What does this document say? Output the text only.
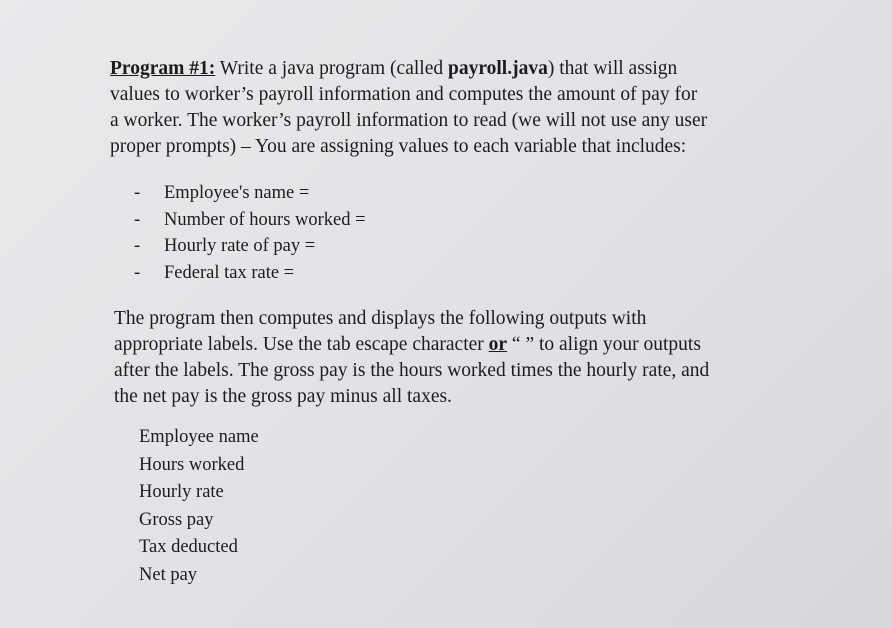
Program #1: Write a java program (called payroll.java) that will assign
values to worker’s payroll information and computes the amount of pay for
a worker. The worker’s payroll information to read (we will not use any user
proper prompts) – You are assigning values to each variable that includes:

- Employee's name =
- Number of hours worked =
- Hourly rate of pay =
- Federal tax rate =

The program then computes and displays the following outputs with
appropriate labels. Use the tab escape character or “ ” to align your outputs
after the labels. The gross pay is the hours worked times the hourly rate, and
the net pay is the gross pay minus all taxes.

Employee name
Hours worked
Hourly rate
Gross pay
Tax deducted
Net pay
